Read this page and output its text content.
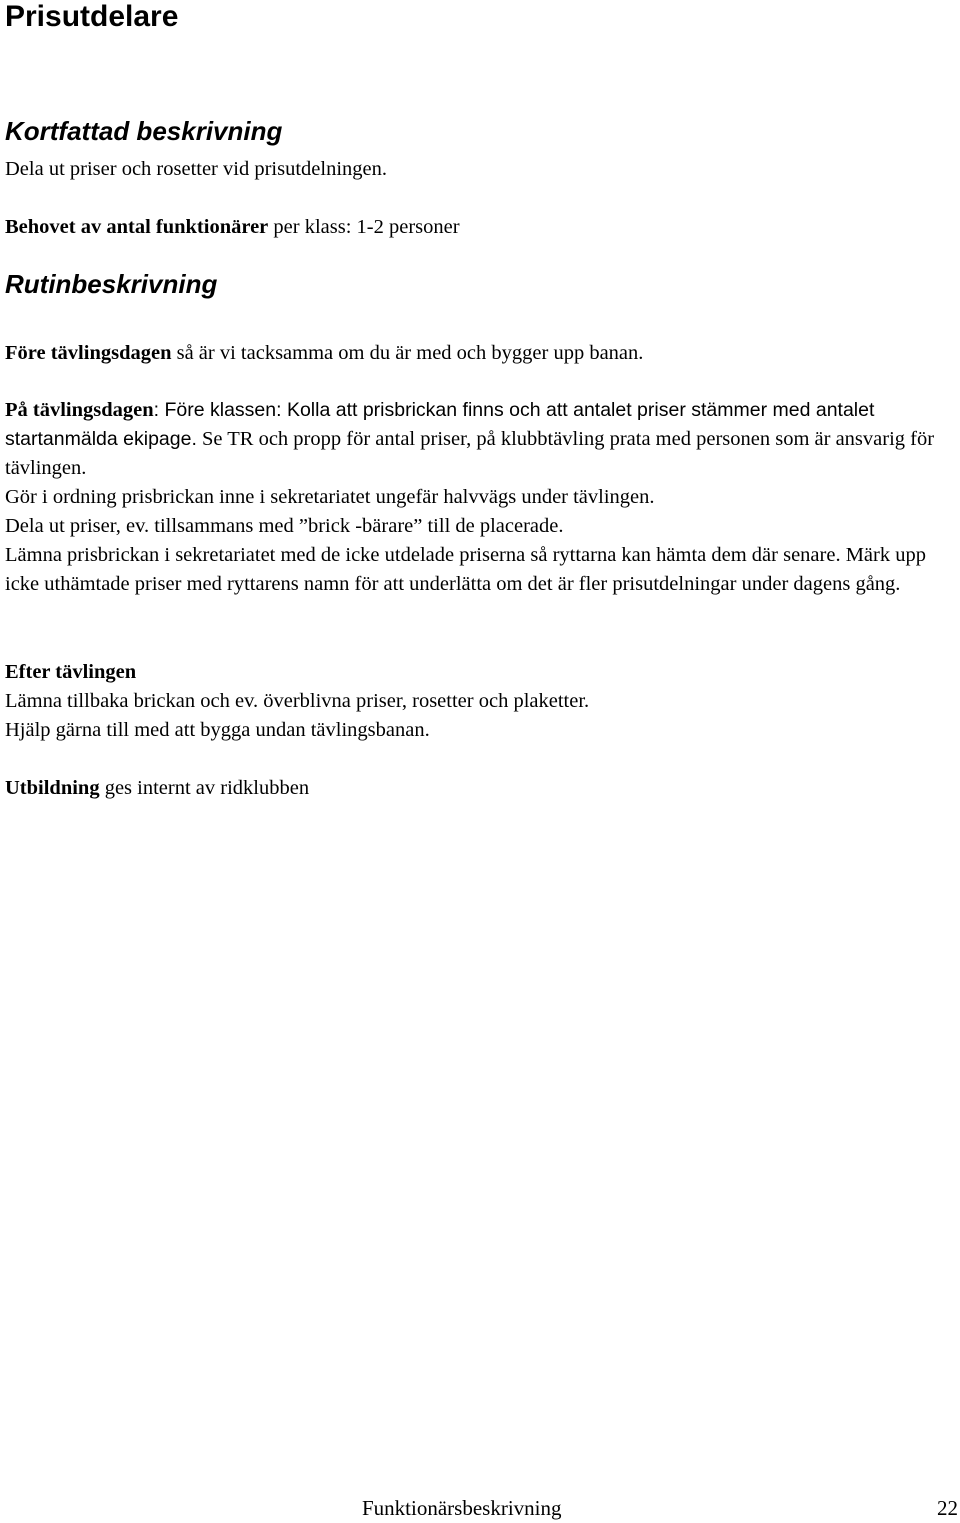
Prisutdelare
Kortfattad beskrivning
Dela ut priser och rosetter vid prisutdelningen.
Behovet av antal funktionärer per klass: 1-2 personer
Rutinbeskrivning
Före tävlingsdagen så är vi tacksamma om du är med och bygger upp banan.

På tävlingsdagen: Före klassen: Kolla att prisbrickan finns och att antalet priser stämmer med antalet startanmälda ekipage. Se TR och propp för antal priser, på klubbtävling prata med personen som är ansvarig för tävlingen.

Gör i ordning prisbrickan inne i sekretariatet ungefär halvvägs under tävlingen.

Dela ut priser, ev. tillsammans med ”brick -bärare” till de placerade.

Lämna prisbrickan i sekretariatet med de icke utdelade priserna så ryttarna kan hämta dem där senare. Märk upp icke uthämtade priser med ryttarens namn för att underlätta om det är fler prisutdelningar under dagens gång.

Efter tävlingen

Lämna tillbaka brickan och ev. överblivna priser, rosetter och plaketter.

Hjälp gärna till med att bygga undan tävlingsbanan.

Utbildning ges internt av ridklubben
Funktionärsbeskrivning	22
